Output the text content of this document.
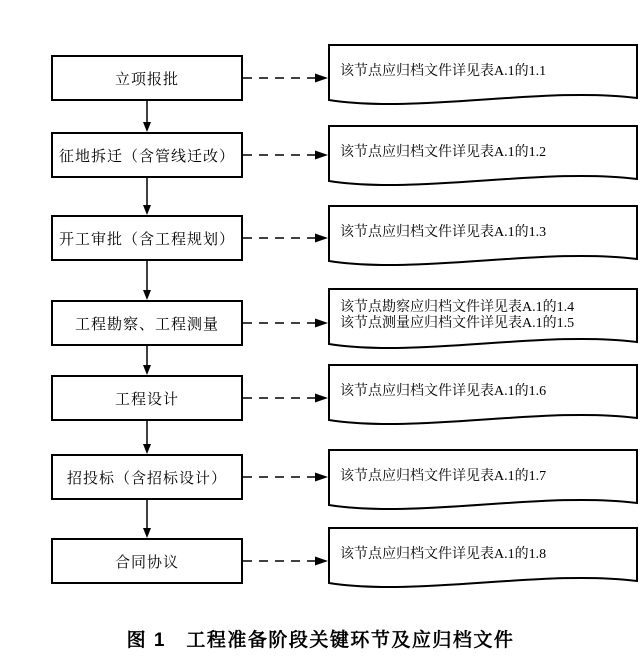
立项报批
该节点应归档文件详见表A.1的1.1
征地拆迁（含管线迁改）	该节点应归档文件详见表A.1的1.2
开工审批（含工程规划）	该节点应归档文件详见表A.1的1.3
工程勘察、工程测量
该节点勘察应归档文件详见表A.1的1.4
该节点测量应归档文件详见表A.1的1.5
工程设计
该节点应归档文件详见表A.1的1.6
招投标（含招标设计）	该节点应归档文件详见表A.1的1.7
合同协议
该节点应归档文件详见表A.1的1.8
图 1　工程准备阶段关键环节及应归档文件
